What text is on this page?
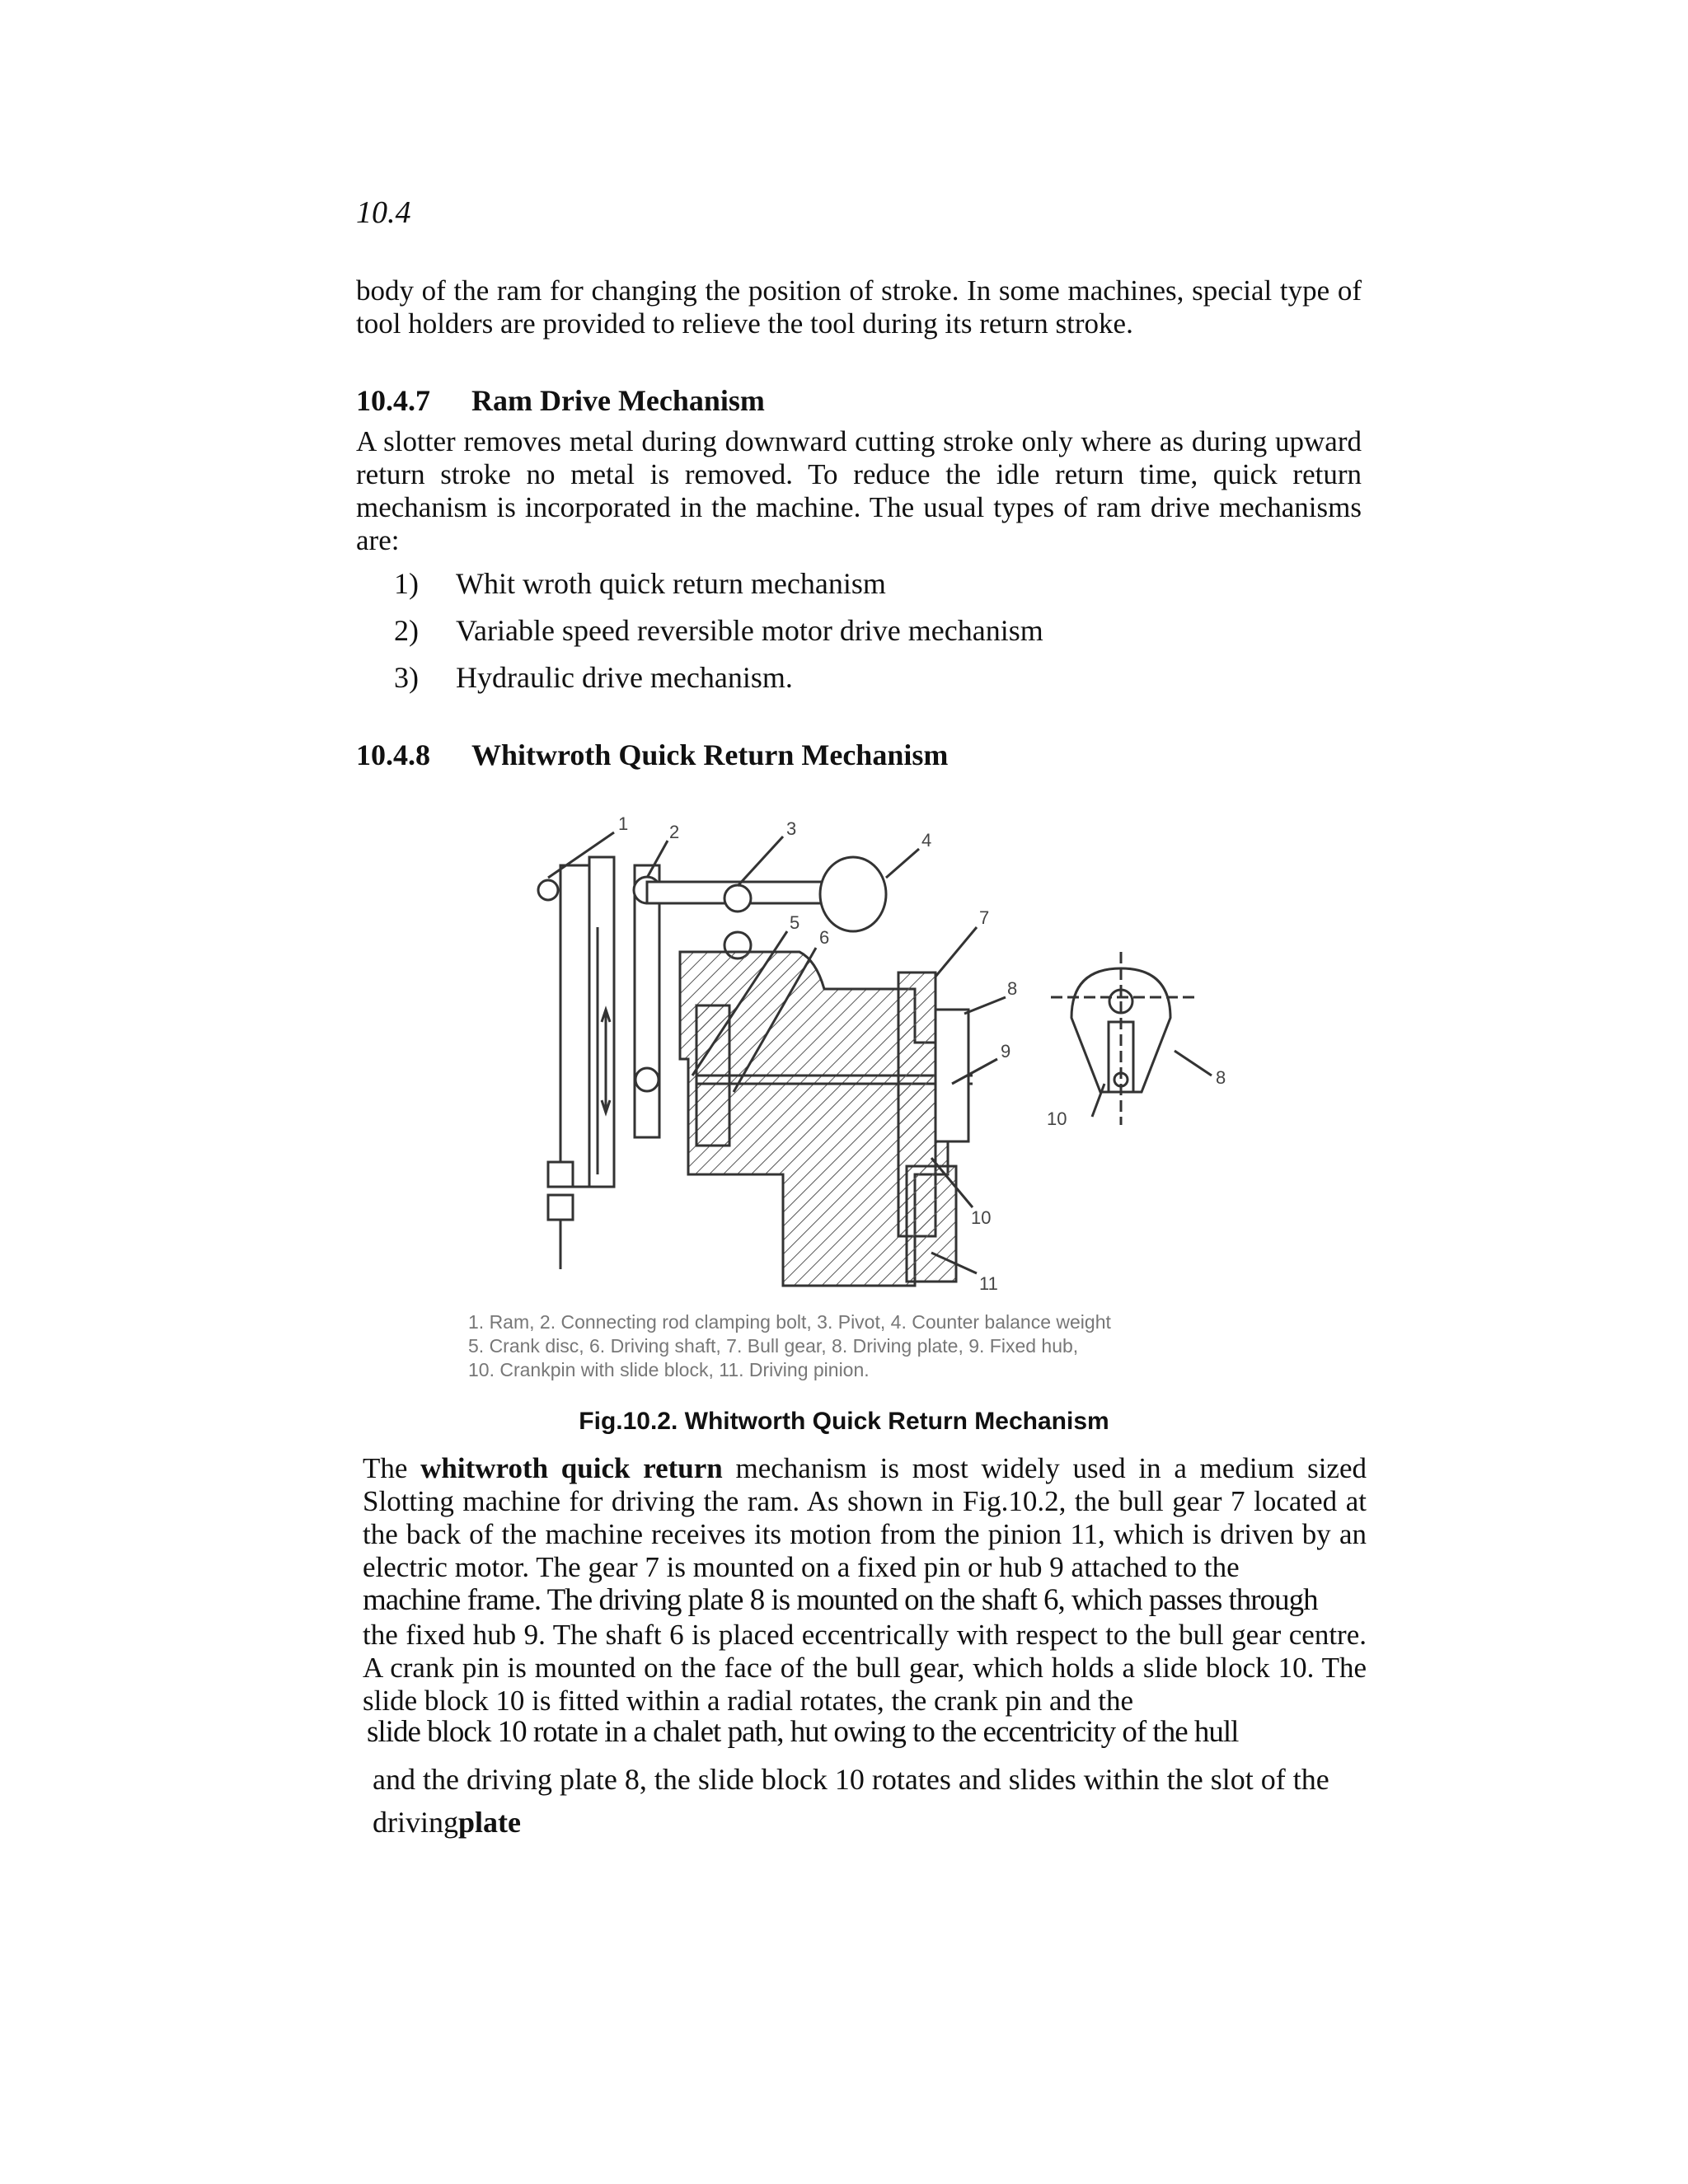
10.4

body of the ram for changing the position of stroke. In some machines, special type of tool holders are provided to relieve the tool during its return stroke.

10.4.7 Ram Drive Mechanism

A slotter removes metal during downward cutting stroke only where as during upward return stroke no metal is removed. To reduce the idle return time, quick return mechanism is incorporated in the machine. The usual types of ram drive mechanisms are:

1) Whit wroth quick return mechanism
2) Variable speed reversible motor drive mechanism
3) Hydraulic drive mechanism.
10.4.8 Whitwroth Quick Return Mechanism
1 2	3
4
5
6
7
8
9
10
11
10
8
1. Ram, 2. Connecting rod clamping bolt, 3. Pivot, 4. Counter balance weight
5. Crank disc, 6. Driving shaft, 7. Bull gear, 8. Driving plate, 9. Fixed hub,
10. Crankpin with slide block, 11. Driving pinion.
Fig.10.2. Whitworth Quick Return Mechanism

The whitwroth quick return mechanism is most widely used in a medium sized Slotting machine for driving the ram. As shown in Fig.10.2, the bull gear 7 located at the back of the machine receives its motion from the pinion 11, which is driven by an electric motor. The gear 7 is mounted on a fixed pin or hub 9 attached to the

machine frame. The driving plate 8 is mounted on the shaft 6, which passes through

the fixed hub 9. The shaft 6 is placed eccentrically with respect to the bull gear centre. A crank pin is mounted on the face of the bull gear, which holds a slide block 10. The slide block 10 is fitted within a radial rotates, the crank pin and the

slide block 10 rotate in a chalet path, hut owing to the eccentricity of the hull
and the driving plate 8, the slide block 10 rotates and slides within the slot of the
drivingplate
